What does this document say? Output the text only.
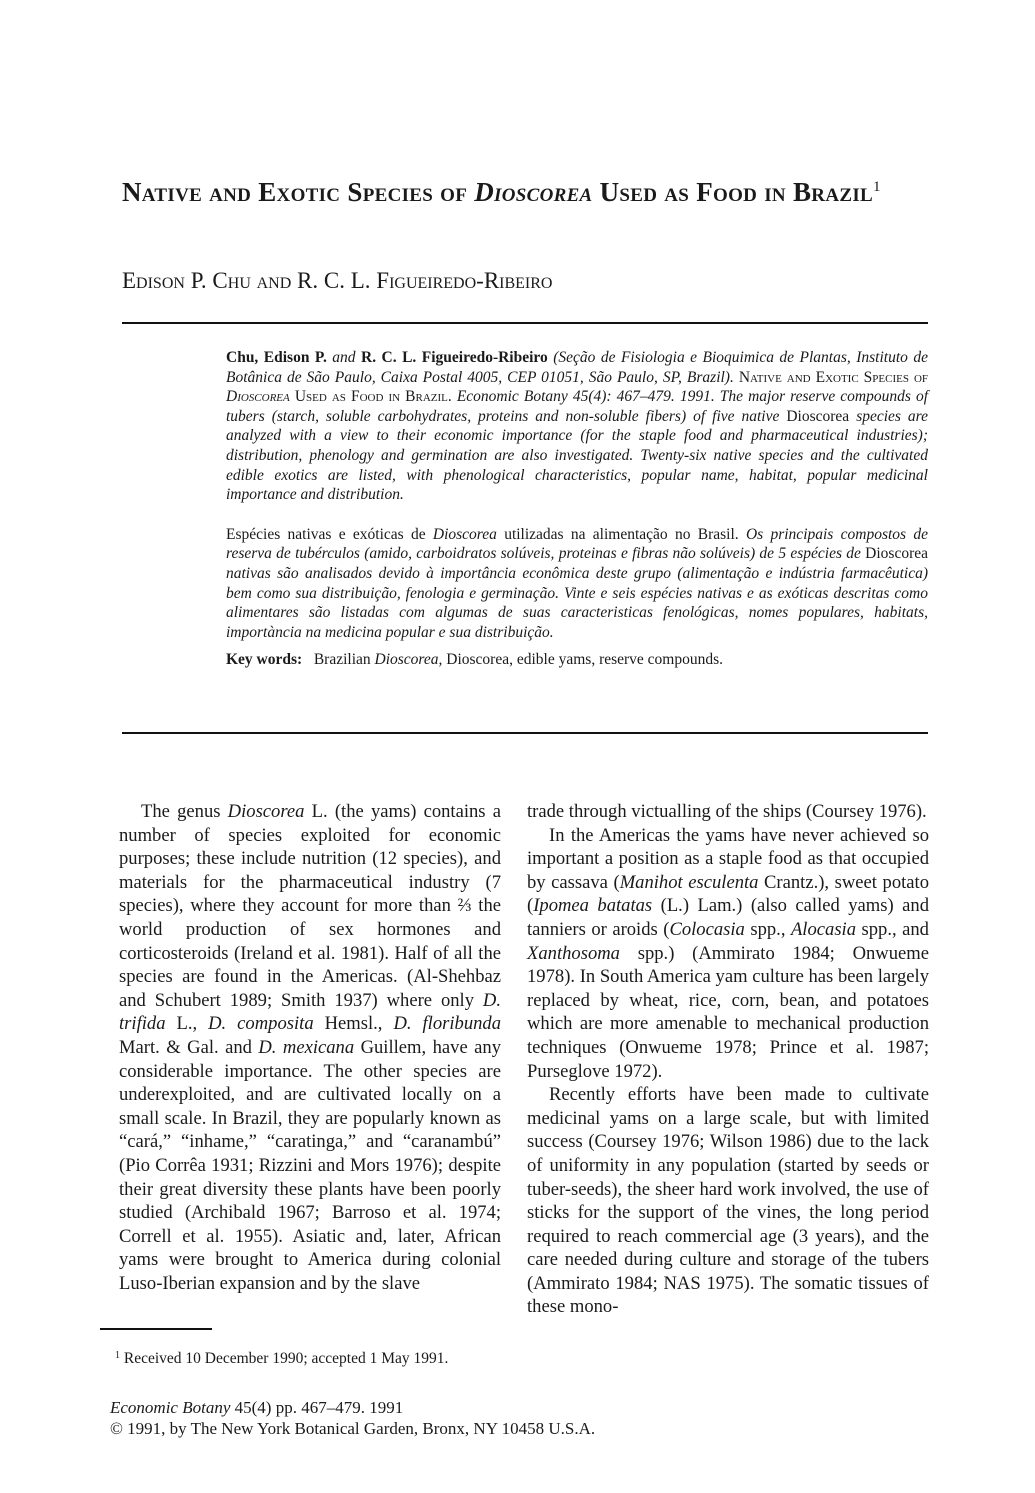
Native and Exotic Species of Dioscorea Used as Food in Brazil$^1$

Edison P. Chu and R. C. L. Figueiredo-Ribeiro

Chu, Edison P. and R. C. L. Figueiredo-Ribeiro (Seção de Fisiologia e Bioquimica de Plantas, Instituto de Botânica de São Paulo, Caixa Postal 4005, CEP 01051, São Paulo, SP, Brazil). Native and Exotic Species of Dioscorea Used as Food in Brazil. Economic Botany 45(4): 467–479. 1991. The major reserve compounds of tubers (starch, soluble carbohydrates, proteins and non-soluble fibers) of five native Dioscorea species are analyzed with a view to their economic importance (for the staple food and pharmaceutical industries); distribution, phenology and germination are also investigated. Twenty-six native species and the cultivated edible exotics are listed, with phenological characteristics, popular name, habitat, popular medicinal importance and distribution.

Espécies nativas e exóticas de Dioscorea utilizadas na alimentação no Brasil. Os principais compostos de reserva de tubérculos (amido, carboidratos solúveis, proteinas e fibras não solúveis) de 5 espécies de Dioscorea nativas são analisados devido à importância econômica deste grupo (alimentação e indústria farmacêutica) bem como sua distribuição, fenologia e germinação. Vinte e seis espécies nativas e as exóticas descritas como alimentares são listadas com algumas de suas caracteristicas fenológicas, nomes populares, habitats, importància na medicina popular e sua distribuição.

Key words: Brazilian Dioscorea, Dioscorea, edible yams, reserve compounds.

The genus Dioscorea L. (the yams) contains a number of species exploited for economic purposes; these include nutrition (12 species), and materials for the pharmaceutical industry (7 species), where they account for more than ⅔ the world production of sex hormones and corticosteroids (Ireland et al. 1981). Half of all the species are found in the Americas. (Al-Shehbaz and Schubert 1989; Smith 1937) where only D. trifida L., D. composita Hemsl., D. floribunda Mart. & Gal. and D. mexicana Guillem, have any considerable importance. The other species are underexploited, and are cultivated locally on a small scale. In Brazil, they are popularly known as “cará,” “inhame,” “caratinga,” and “caranambú” (Pio Corrêa 1931; Rizzini and Mors 1976); despite their great diversity these plants have been poorly studied (Archibald 1967; Barroso et al. 1974; Correll et al. 1955). Asiatic and, later, African yams were brought to America during colonial Luso-Iberian expansion and by the slave

trade through victualling of the ships (Coursey 1976).

In the Americas the yams have never achieved so important a position as a staple food as that occupied by cassava (Manihot esculenta Crantz.), sweet potato (Ipomea batatas (L.) Lam.) (also called yams) and tanniers or aroids (Colocasia spp., Alocasia spp., and Xanthosoma spp.) (Ammirato 1984; Onwueme 1978). In South America yam culture has been largely replaced by wheat, rice, corn, bean, and potatoes which are more amenable to mechanical production techniques (Onwueme 1978; Prince et al. 1987; Purseglove 1972).

Recently efforts have been made to cultivate medicinal yams on a large scale, but with limited success (Coursey 1976; Wilson 1986) due to the lack of uniformity in any population (started by seeds or tuber-seeds), the sheer hard work involved, the use of sticks for the support of the vines, the long period required to reach commercial age (3 years), and the care needed during culture and storage of the tubers (Ammirato 1984; NAS 1975). The somatic tissues of these mono-

$^1$ Received 10 December 1990; accepted 1 May 1991.

Economic Botany 45(4) pp. 467–479. 1991

© 1991, by The New York Botanical Garden, Bronx, NY 10458 U.S.A.
